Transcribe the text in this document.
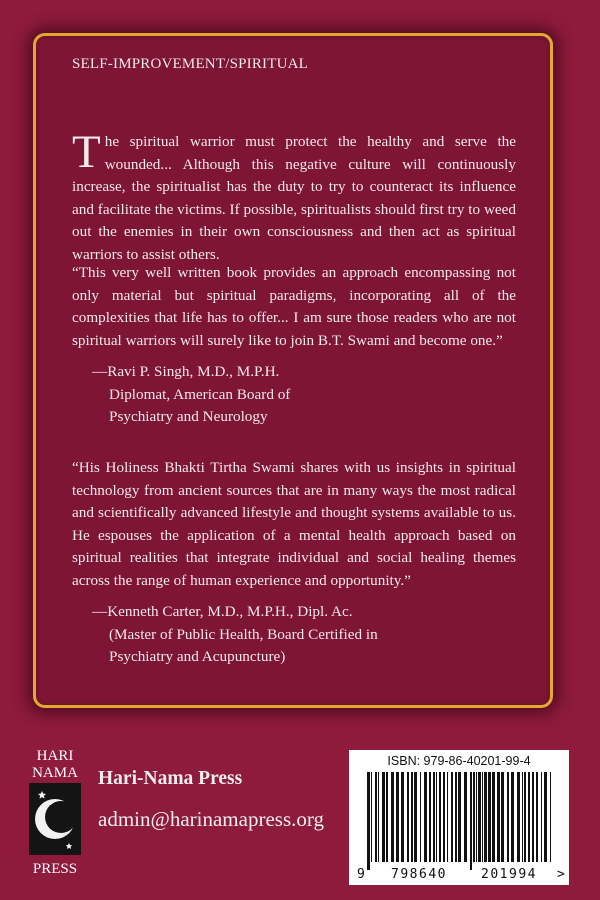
SELF-IMPROVEMENT/SPIRITUAL
The spiritual warrior must protect the healthy and serve the wounded... Although this negative culture will continuously increase, the spiritualist has the duty to try to counteract its influence and facilitate the victims. If possible, spiritualists should first try to weed out the enemies in their own consciousness and then act as spiritual warriors to assist others.
“This very well written book provides an approach encompassing not only material but spiritual paradigms, incorporating all of the complexities that life has to offer... I am sure those readers who are not spiritual warriors will surely like to join B.T. Swami and become one.”
—Ravi P. Singh, M.D., M.P.H.
Diplomat, American Board of
Psychiatry and Neurology
“His Holiness Bhakti Tirtha Swami shares with us insights in spiritual technology from ancient sources that are in many ways the most radical and scientifically advanced lifestyle and thought systems available to us. He espouses the application of a mental health approach based on spiritual realities that integrate individual and social healing themes across the range of human experience and opportunity.”
—Kenneth Carter, M.D., M.P.H., Dipl. Ac.
(Master of Public Health, Board Certified in
Psychiatry and Acupuncture)
HARI
NAMA
PRESS
Hari-Nama Press
admin@harinamapress.org
ISBN: 979-86-40201-99-4
9 798640	201994 >
